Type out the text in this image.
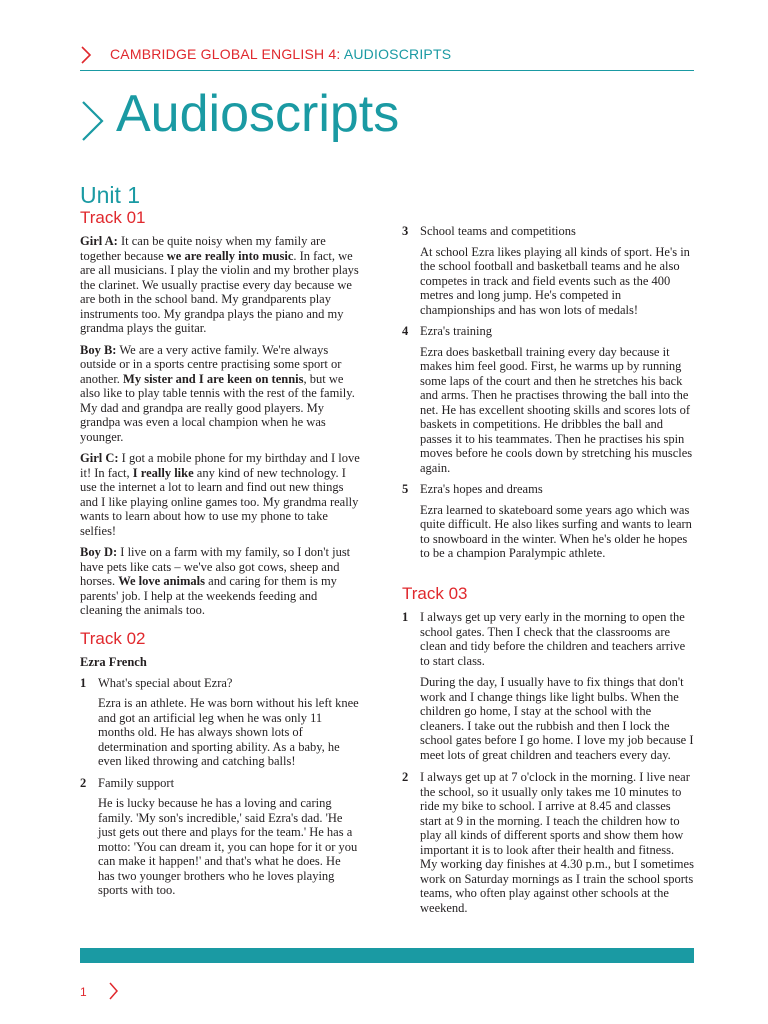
CAMBRIDGE GLOBAL ENGLISH 4: AUDIOSCRIPTS
Audioscripts
Unit 1
Track 01

Girl A: It can be quite noisy when my family are together because we are really into music. In fact, we are all musicians. I play the violin and my brother plays the clarinet. We usually practise every day because we are both in the school band. My grandparents play instruments too. My grandpa plays the piano and my grandma plays the guitar.

Boy B: We are a very active family. We're always outside or in a sports centre practising some sport or another. My sister and I are keen on tennis, but we also like to play table tennis with the rest of the family. My dad and grandpa are really good players. My grandpa was even a local champion when he was younger.

Girl C: I got a mobile phone for my birthday and I love it! In fact, I really like any kind of new technology. I use the internet a lot to learn and find out new things and I like playing online games too. My grandma really wants to learn about how to use my phone to take selfies!

Boy D: I live on a farm with my family, so I don't just have pets like cats – we've also got cows, sheep and horses. We love animals and caring for them is my parents' job. I help at the weekends feeding and cleaning the animals too.

Track 02

Ezra French

1 What's special about Ezra?

Ezra is an athlete. He was born without his left knee and got an artificial leg when he was only 11 months old. He has always shown lots of determination and sporting ability. As a baby, he even liked throwing and catching balls!

2 Family support

He is lucky because he has a loving and caring family. 'My son's incredible,' said Ezra's dad. 'He just gets out there and plays for the team.' He has a motto: 'You can dream it, you can hope for it or you can make it happen!' and that's what he does. He has two younger brothers who he loves playing sports with too.

3 School teams and competitions

At school Ezra likes playing all kinds of sport. He's in the school football and basketball teams and he also competes in track and field events such as the 400 metres and long jump. He's competed in championships and has won lots of medals!

4 Ezra's training

Ezra does basketball training every day because it makes him feel good. First, he warms up by running some laps of the court and then he stretches his back and arms. Then he practises throwing the ball into the net. He has excellent shooting skills and scores lots of baskets in competitions. He dribbles the ball and passes it to his teammates. Then he practises his spin moves before he cools down by stretching his muscles again.

5 Ezra's hopes and dreams

Ezra learned to skateboard some years ago which was quite difficult. He also likes surfing and wants to learn to snowboard in the winter. When he's older he hopes to be a champion Paralympic athlete.

Track 03
1 I always get up very early in the morning to open the school gates. Then I check that the classrooms are clean and tidy before the children and teachers arrive to start class.

During the day, I usually have to fix things that don't work and I change things like light bulbs. When the children go home, I stay at the school with the cleaners. I take out the rubbish and then I lock the school gates before I go home. I love my job because I meet lots of great children and teachers every day.

2 I always get up at 7 o'clock in the morning. I live near the school, so it usually only takes me 10 minutes to ride my bike to school. I arrive at 8.45 and classes start at 9 in the morning. I teach the children how to play all kinds of different sports and show them how important it is to look after their health and fitness. My working day finishes at 4.30 p.m., but I sometimes work on Saturday mornings as I train the school sports teams, who often play against other schools at the weekend.

1
